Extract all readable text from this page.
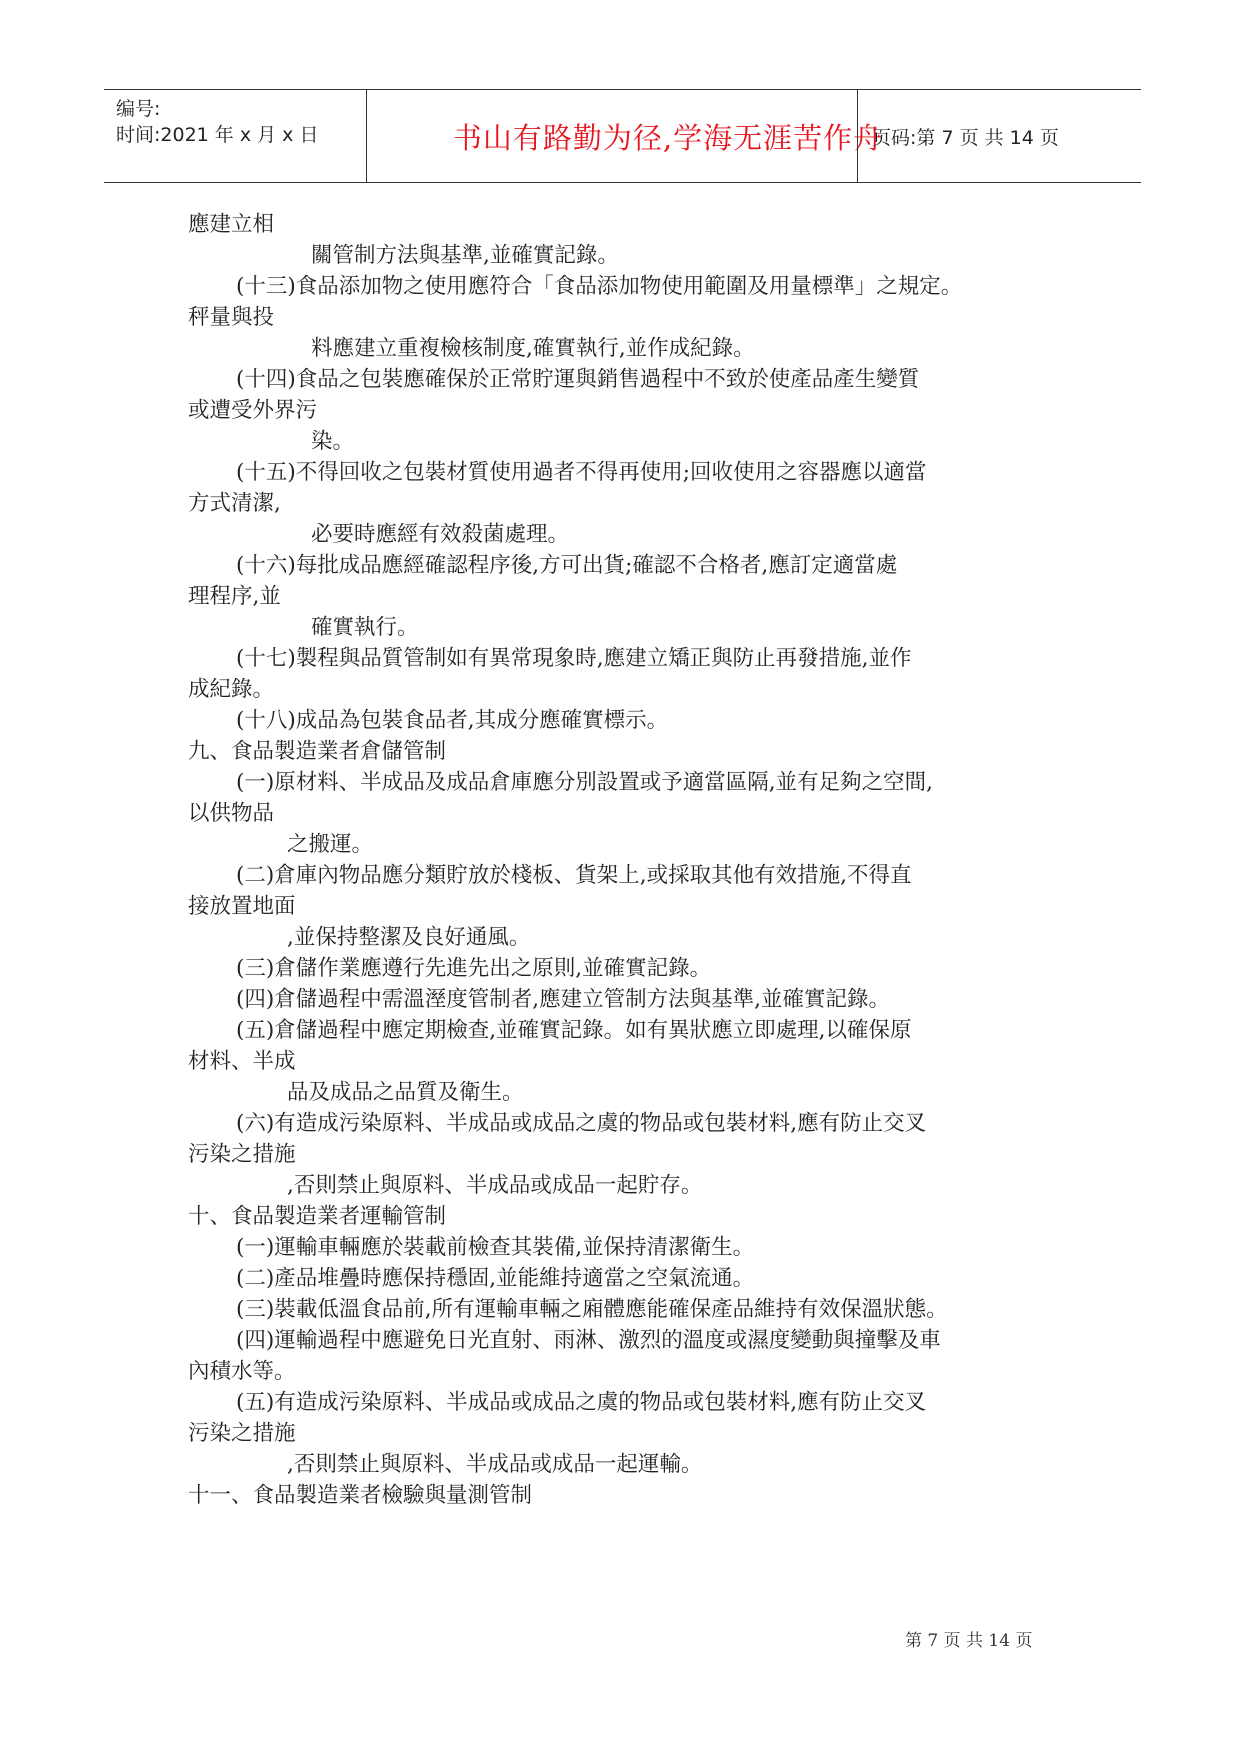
编号:
时间:2021 年 x 月 x 日	书山有路勤为径,学海无涯苦作舟
页码:第 7 页 共 14 页
應建立相
關管制方法與基準,並確實記錄。
(十三)食品添加物之使用應符合「食品添加物使用範圍及用量標準」之規定。
秤量與投
料應建立重複檢核制度,確實執行,並作成紀錄。
(十四)食品之包裝應確保於正常貯運與銷售過程中不致於使產品產生變質
或遭受外界污
染。
(十五)不得回收之包裝材質使用過者不得再使用;回收使用之容器應以適當
方式清潔,
必要時應經有效殺菌處理。
(十六)每批成品應經確認程序後,方可出貨;確認不合格者,應訂定適當處
理程序,並
確實執行。
(十七)製程與品質管制如有異常現象時,應建立矯正與防止再發措施,並作
成紀錄。
(十八)成品為包裝食品者,其成分應確實標示。
九、食品製造業者倉儲管制
(一)原材料、半成品及成品倉庫應分別設置或予適當區隔,並有足夠之空間,
以供物品
之搬運。
(二)倉庫內物品應分類貯放於棧板、貨架上,或採取其他有效措施,不得直
接放置地面
,並保持整潔及良好通風。
(三)倉儲作業應遵行先進先出之原則,並確實記錄。
(四)倉儲過程中需溫溼度管制者,應建立管制方法與基準,並確實記錄。
(五)倉儲過程中應定期檢查,並確實記錄。如有異狀應立即處理,以確保原
材料、半成
品及成品之品質及衛生。
(六)有造成污染原料、半成品或成品之虞的物品或包裝材料,應有防止交叉
污染之措施
,否則禁止與原料、半成品或成品一起貯存。
十、食品製造業者運輸管制
(一)運輸車輛應於裝載前檢查其裝備,並保持清潔衛生。
(二)產品堆疊時應保持穩固,並能維持適當之空氣流通。
(三)裝載低溫食品前,所有運輸車輛之廂體應能確保產品維持有效保溫狀態。
(四)運輸過程中應避免日光直射、雨淋、激烈的溫度或濕度變動與撞擊及車
內積水等。
(五)有造成污染原料、半成品或成品之虞的物品或包裝材料,應有防止交叉
污染之措施
,否則禁止與原料、半成品或成品一起運輸。
十一、食品製造業者檢驗與量測管制
第 7 页 共 14 页
